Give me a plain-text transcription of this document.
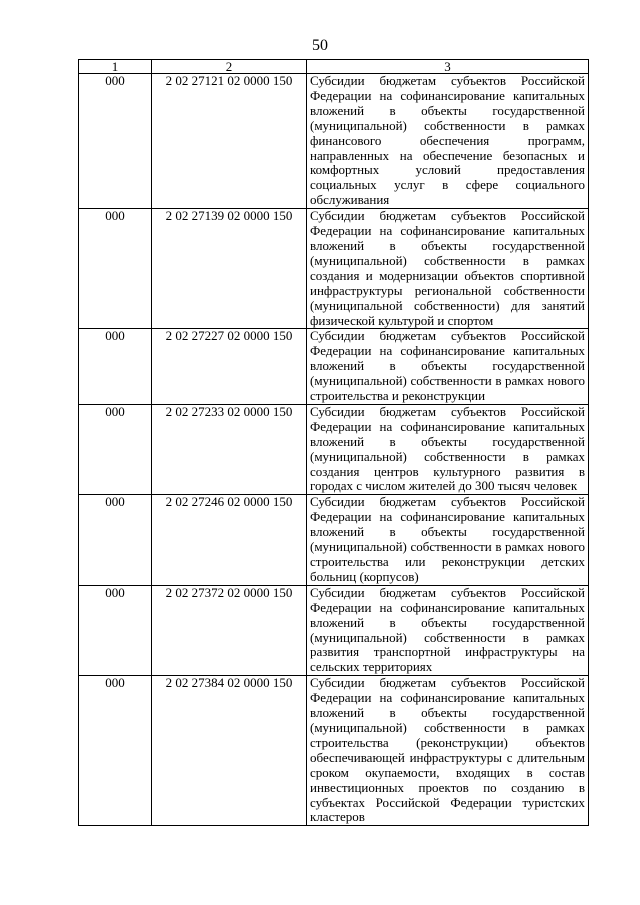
50
1	2	3
000	2 02 27121 02 0000 150	Субсидии бюджетам субъектов Российской Федерации на софинансирование капитальных вложений в объекты государственной (муниципальной) собственности в рамках финансового обеспечения программ, направленных на обеспечение безопасных и комфортных условий предоставления социальных услуг в сфере социального обслуживания
000	2 02 27139 02 0000 150	Субсидии бюджетам субъектов Российской Федерации на софинансирование капитальных вложений в объекты государственной (муниципальной) собственности в рамках создания и модернизации объектов спортивной инфраструктуры региональной собственности (муниципальной собственности) для занятий физической культурой и спортом
000	2 02 27227 02 0000 150	Субсидии бюджетам субъектов Российской Федерации на софинансирование капитальных вложений в объекты государственной (муниципальной) собственности в рамках нового строительства и реконструкции
000	2 02 27233 02 0000 150	Субсидии бюджетам субъектов Российской Федерации на софинансирование капитальных вложений в объекты государственной (муниципальной) собственности в рамках создания центров культурного развития в городах с числом жителей до 300 тысяч человек
000	2 02 27246 02 0000 150	Субсидии бюджетам субъектов Российской Федерации на софинансирование капитальных вложений в объекты государственной (муниципальной) собственности в рамках нового строительства или реконструкции детских больниц (корпусов)
000	2 02 27372 02 0000 150	Субсидии бюджетам субъектов Российской Федерации на софинансирование капитальных вложений в объекты государственной (муниципальной) собственности в рамках развития транспортной инфраструктуры на сельских территориях
000	2 02 27384 02 0000 150	Субсидии бюджетам субъектов Российской Федерации на софинансирование капитальных вложений в объекты государственной (муниципальной) собственности в рамках строительства (реконструкции) объектов обеспечивающей инфраструктуры с длительным сроком окупаемости, входящих в состав инвестиционных проектов по созданию в субъектах Российской Федерации туристских кластеров
